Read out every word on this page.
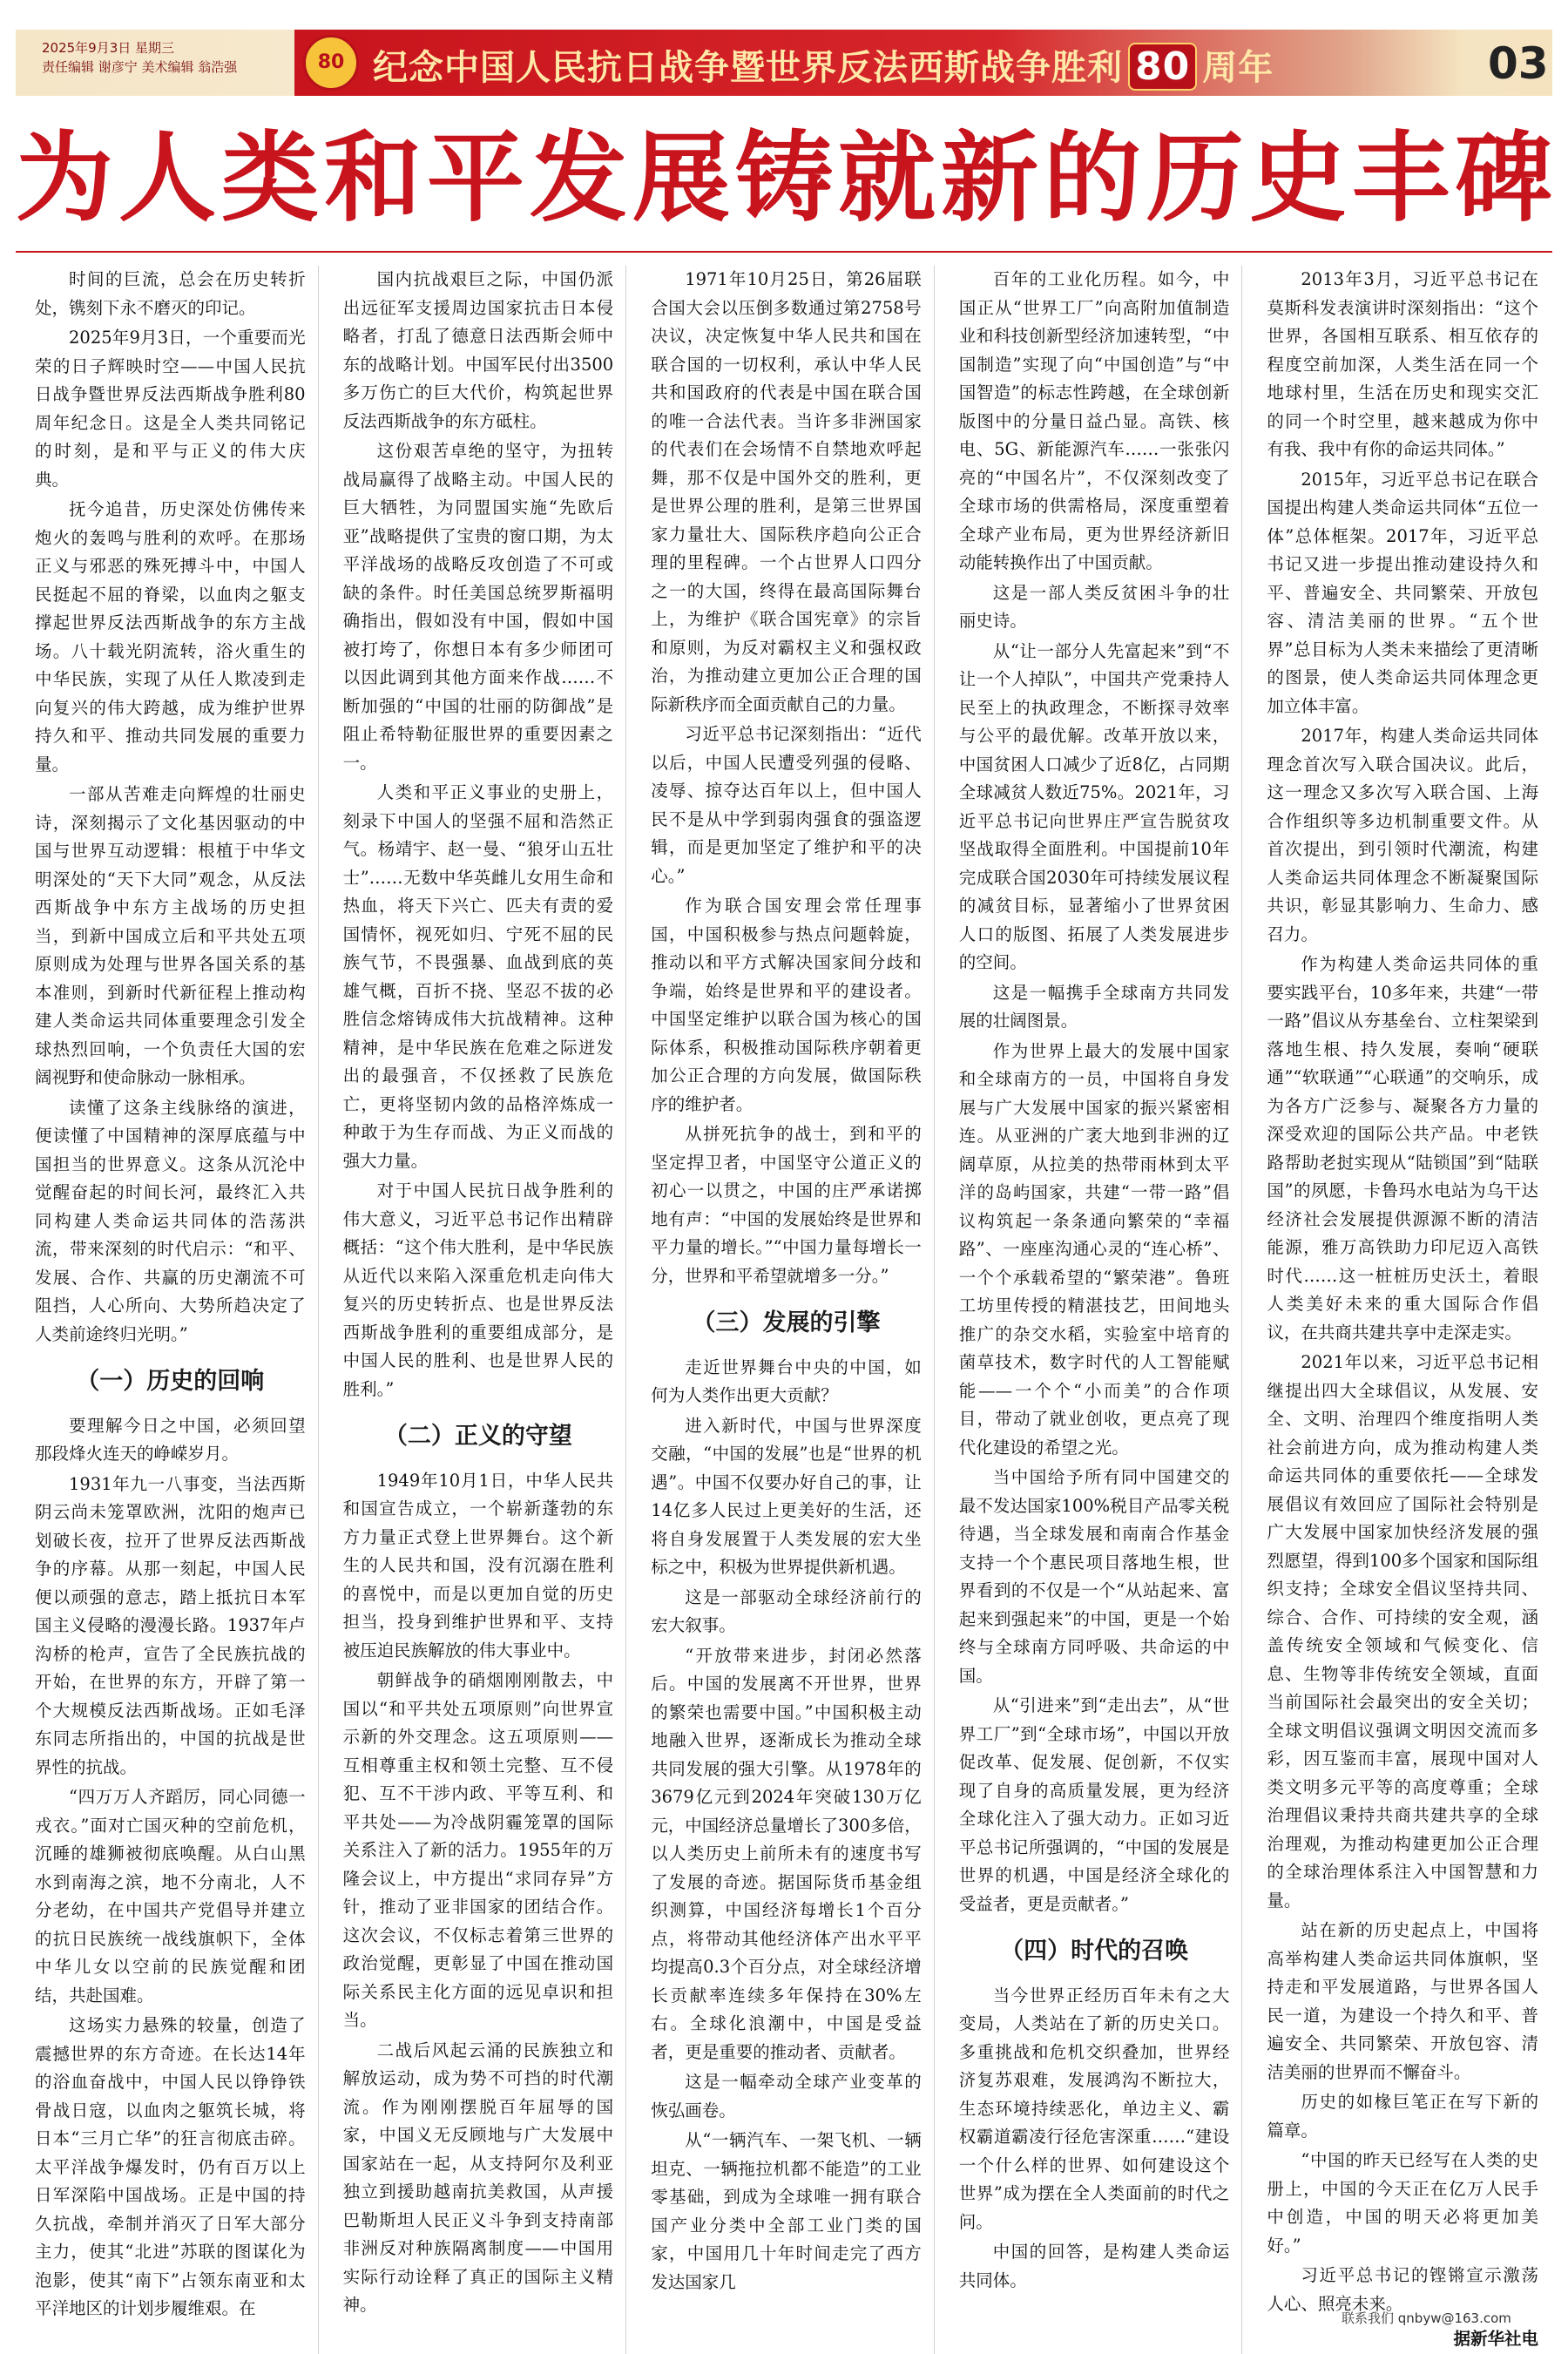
2025年9月3日 星期三
责任编辑 谢彦宁 美术编辑 翁浩强	80 纪念中国人民抗日战争暨世界反法西斯战争胜利 80 周年	03
为人类和平发展铸就新的历史丰碑

时间的巨流，总会在历史转折处，镌刻下永不磨灭的印记。

2025年9月3日，一个重要而光荣的日子辉映时空——中国人民抗日战争暨世界反法西斯战争胜利80周年纪念日。这是全人类共同铭记的时刻，是和平与正义的伟大庆典。

抚今追昔，历史深处仿佛传来炮火的轰鸣与胜利的欢呼。在那场正义与邪恶的殊死搏斗中，中国人民挺起不屈的脊梁，以血肉之躯支撑起世界反法西斯战争的东方主战场。八十载光阴流转，浴火重生的中华民族，实现了从任人欺凌到走向复兴的伟大跨越，成为维护世界持久和平、推动共同发展的重要力量。

一部从苦难走向辉煌的壮丽史诗，深刻揭示了文化基因驱动的中国与世界互动逻辑：根植于中华文明深处的“天下大同”观念，从反法西斯战争中东方主战场的历史担当，到新中国成立后和平共处五项原则成为处理与世界各国关系的基本准则，到新时代新征程上推动构建人类命运共同体重要理念引发全球热烈回响，一个负责任大国的宏阔视野和使命脉动一脉相承。

读懂了这条主线脉络的演进，便读懂了中国精神的深厚底蕴与中国担当的世界意义。这条从沉沦中觉醒奋起的时间长河，最终汇入共同构建人类命运共同体的浩荡洪流，带来深刻的时代启示：“和平、发展、合作、共赢的历史潮流不可阻挡，人心所向、大势所趋决定了人类前途终归光明。”

（一）历史的回响

要理解今日之中国，必须回望那段烽火连天的峥嵘岁月。

1931年九一八事变，当法西斯阴云尚未笼罩欧洲，沈阳的炮声已划破长夜，拉开了世界反法西斯战争的序幕。从那一刻起，中国人民便以顽强的意志，踏上抵抗日本军国主义侵略的漫漫长路。1937年卢沟桥的枪声，宣告了全民族抗战的开始，在世界的东方，开辟了第一个大规模反法西斯战场。正如毛泽东同志所指出的，中国的抗战是世界性的抗战。

“四万万人齐蹈厉，同心同德一戎衣。”面对亡国灭种的空前危机，沉睡的雄狮被彻底唤醒。从白山黑水到南海之滨，地不分南北，人不分老幼，在中国共产党倡导并建立的抗日民族统一战线旗帜下，全体中华儿女以空前的民族觉醒和团结，共赴国难。

这场实力悬殊的较量，创造了震撼世界的东方奇迹。在长达14年的浴血奋战中，中国人民以铮铮铁骨战日寇，以血肉之躯筑长城，将日本“三月亡华”的狂言彻底击碎。太平洋战争爆发时，仍有百万以上日军深陷中国战场。正是中国的持久抗战，牵制并消灭了日军大部分主力，使其“北进”苏联的图谋化为泡影，使其“南下”占领东南亚和太平洋地区的计划步履维艰。在

国内抗战艰巨之际，中国仍派出远征军支援周边国家抗击日本侵略者，打乱了德意日法西斯会师中东的战略计划。中国军民付出3500多万伤亡的巨大代价，构筑起世界反法西斯战争的东方砥柱。

这份艰苦卓绝的坚守，为扭转战局赢得了战略主动。中国人民的巨大牺牲，为同盟国实施“先欧后亚”战略提供了宝贵的窗口期，为太平洋战场的战略反攻创造了不可或缺的条件。时任美国总统罗斯福明确指出，假如没有中国，假如中国被打垮了，你想日本有多少师团可以因此调到其他方面来作战……不断加强的“中国的壮丽的防御战”是阻止希特勒征服世界的重要因素之一。

人类和平正义事业的史册上，刻录下中国人的坚强不屈和浩然正气。杨靖宇、赵一曼、“狼牙山五壮士”……无数中华英雌儿女用生命和热血，将天下兴亡、匹夫有责的爱国情怀，视死如归、宁死不屈的民族气节，不畏强暴、血战到底的英雄气概，百折不挠、坚忍不拔的必胜信念熔铸成伟大抗战精神。这种精神，是中华民族在危难之际迸发出的最强音，不仅拯救了民族危亡，更将坚韧内敛的品格淬炼成一种敢于为生存而战、为正义而战的强大力量。

对于中国人民抗日战争胜利的伟大意义，习近平总书记作出精辟概括：“这个伟大胜利，是中华民族从近代以来陷入深重危机走向伟大复兴的历史转折点、也是世界反法西斯战争胜利的重要组成部分，是中国人民的胜利、也是世界人民的胜利。”

（二）正义的守望

1949年10月1日，中华人民共和国宣告成立，一个崭新蓬勃的东方力量正式登上世界舞台。这个新生的人民共和国，没有沉溺在胜利的喜悦中，而是以更加自觉的历史担当，投身到维护世界和平、支持被压迫民族解放的伟大事业中。

朝鲜战争的硝烟刚刚散去，中国以“和平共处五项原则”向世界宣示新的外交理念。这五项原则——互相尊重主权和领土完整、互不侵犯、互不干涉内政、平等互利、和平共处——为冷战阴霾笼罩的国际关系注入了新的活力。1955年的万隆会议上，中方提出“求同存异”方针，推动了亚非国家的团结合作。这次会议，不仅标志着第三世界的政治觉醒，更彰显了中国在推动国际关系民主化方面的远见卓识和担当。

二战后风起云涌的民族独立和解放运动，成为势不可挡的时代潮流。作为刚刚摆脱百年屈辱的国家，中国义无反顾地与广大发展中国家站在一起，从支持阿尔及利亚独立到援助越南抗美救国，从声援巴勒斯坦人民正义斗争到支持南部非洲反对种族隔离制度——中国用实际行动诠释了真正的国际主义精神。

1971年10月25日，第26届联合国大会以压倒多数通过第2758号决议，决定恢复中华人民共和国在联合国的一切权利，承认中华人民共和国政府的代表是中国在联合国的唯一合法代表。当许多非洲国家的代表们在会场情不自禁地欢呼起舞，那不仅是中国外交的胜利，更是世界公理的胜利，是第三世界国家力量壮大、国际秩序趋向公正合理的里程碑。一个占世界人口四分之一的大国，终得在最高国际舞台上，为维护《联合国宪章》的宗旨和原则，为反对霸权主义和强权政治，为推动建立更加公正合理的国际新秩序而全面贡献自己的力量。

习近平总书记深刻指出：“近代以后，中国人民遭受列强的侵略、凌辱、掠夺达百年以上，但中国人民不是从中学到弱肉强食的强盗逻辑，而是更加坚定了维护和平的决心。”

作为联合国安理会常任理事国，中国积极参与热点问题斡旋，推动以和平方式解决国家间分歧和争端，始终是世界和平的建设者。中国坚定维护以联合国为核心的国际体系，积极推动国际秩序朝着更加公正合理的方向发展，做国际秩序的维护者。

从拼死抗争的战士，到和平的坚定捍卫者，中国坚守公道正义的初心一以贯之，中国的庄严承诺掷地有声：“中国的发展始终是世界和平力量的增长。”“中国力量每增长一分，世界和平希望就增多一分。”

（三）发展的引擎

走近世界舞台中央的中国，如何为人类作出更大贡献？

进入新时代，中国与世界深度交融，“中国的发展”也是“世界的机遇”。中国不仅要办好自己的事，让14亿多人民过上更美好的生活，还将自身发展置于人类发展的宏大坐标之中，积极为世界提供新机遇。

这是一部驱动全球经济前行的宏大叙事。

“开放带来进步，封闭必然落后。中国的发展离不开世界，世界的繁荣也需要中国。”中国积极主动地融入世界，逐渐成长为推动全球共同发展的强大引擎。从1978年的3679亿元到2024年突破130万亿元，中国经济总量增长了300多倍，以人类历史上前所未有的速度书写了发展的奇迹。据国际货币基金组织测算，中国经济每增长1个百分点，将带动其他经济体产出水平平均提高0.3个百分点，对全球经济增长贡献率连续多年保持在30%左右。全球化浪潮中，中国是受益者，更是重要的推动者、贡献者。

这是一幅牵动全球产业变革的恢弘画卷。

从“一辆汽车、一架飞机、一辆坦克、一辆拖拉机都不能造”的工业零基础，到成为全球唯一拥有联合国产业分类中全部工业门类的国家，中国用几十年时间走完了西方发达国家几

百年的工业化历程。如今，中国正从“世界工厂”向高附加值制造业和科技创新型经济加速转型，“中国制造”实现了向“中国创造”与“中国智造”的标志性跨越，在全球创新版图中的分量日益凸显。高铁、核电、5G、新能源汽车……一张张闪亮的“中国名片”，不仅深刻改变了全球市场的供需格局，深度重塑着全球产业布局，更为世界经济新旧动能转换作出了中国贡献。

这是一部人类反贫困斗争的壮丽史诗。

从“让一部分人先富起来”到“不让一个人掉队”，中国共产党秉持人民至上的执政理念，不断探寻效率与公平的最优解。改革开放以来，中国贫困人口减少了近8亿，占同期全球减贫人数近75%。2021年，习近平总书记向世界庄严宣告脱贫攻坚战取得全面胜利。中国提前10年完成联合国2030年可持续发展议程的减贫目标，显著缩小了世界贫困人口的版图、拓展了人类发展进步的空间。

这是一幅携手全球南方共同发展的壮阔图景。

作为世界上最大的发展中国家和全球南方的一员，中国将自身发展与广大发展中国家的振兴紧密相连。从亚洲的广袤大地到非洲的辽阔草原，从拉美的热带雨林到太平洋的岛屿国家，共建“一带一路”倡议构筑起一条条通向繁荣的“幸福路”、一座座沟通心灵的“连心桥”、一个个承载希望的“繁荣港”。鲁班工坊里传授的精湛技艺，田间地头推广的杂交水稻，实验室中培育的菌草技术，数字时代的人工智能赋能——一个个“小而美”的合作项目，带动了就业创收，更点亮了现代化建设的希望之光。

当中国给予所有同中国建交的最不发达国家100%税目产品零关税待遇，当全球发展和南南合作基金支持一个个惠民项目落地生根，世界看到的不仅是一个“从站起来、富起来到强起来”的中国，更是一个始终与全球南方同呼吸、共命运的中国。

从“引进来”到“走出去”，从“世界工厂”到“全球市场”，中国以开放促改革、促发展、促创新，不仅实现了自身的高质量发展，更为经济全球化注入了强大动力。正如习近平总书记所强调的，“中国的发展是世界的机遇，中国是经济全球化的受益者，更是贡献者。”

（四）时代的召唤

当今世界正经历百年未有之大变局，人类站在了新的历史关口。多重挑战和危机交织叠加，世界经济复苏艰难，发展鸿沟不断拉大，生态环境持续恶化，单边主义、霸权霸道霸凌行径危害深重……“建设一个什么样的世界、如何建设这个世界”成为摆在全人类面前的时代之问。

中国的回答，是构建人类命运共同体。

2013年3月，习近平总书记在莫斯科发表演讲时深刻指出：“这个世界，各国相互联系、相互依存的程度空前加深，人类生活在同一个地球村里，生活在历史和现实交汇的同一个时空里，越来越成为你中有我、我中有你的命运共同体。”

2015年，习近平总书记在联合国提出构建人类命运共同体“五位一体”总体框架。2017年，习近平总书记又进一步提出推动建设持久和平、普遍安全、共同繁荣、开放包容、清洁美丽的世界。“五个世界”总目标为人类未来描绘了更清晰的图景，使人类命运共同体理念更加立体丰富。

2017年，构建人类命运共同体理念首次写入联合国决议。此后，这一理念又多次写入联合国、上海合作组织等多边机制重要文件。从首次提出，到引领时代潮流，构建人类命运共同体理念不断凝聚国际共识，彰显其影响力、生命力、感召力。

作为构建人类命运共同体的重要实践平台，10多年来，共建“一带一路”倡议从夯基垒台、立柱架梁到落地生根、持久发展，奏响“硬联通”“软联通”“心联通”的交响乐，成为各方广泛参与、凝聚各方力量的深受欢迎的国际公共产品。中老铁路帮助老挝实现从“陆锁国”到“陆联国”的夙愿，卡鲁玛水电站为乌干达经济社会发展提供源源不断的清洁能源，雅万高铁助力印尼迈入高铁时代……这一桩桩历史沃土，着眼人类美好未来的重大国际合作倡议，在共商共建共享中走深走实。

2021年以来，习近平总书记相继提出四大全球倡议，从发展、安全、文明、治理四个维度指明人类社会前进方向，成为推动构建人类命运共同体的重要依托——全球发展倡议有效回应了国际社会特别是广大发展中国家加快经济发展的强烈愿望，得到100多个国家和国际组织支持；全球安全倡议坚持共同、综合、合作、可持续的安全观，涵盖传统安全领域和气候变化、信息、生物等非传统安全领域，直面当前国际社会最突出的安全关切；全球文明倡议强调文明因交流而多彩，因互鉴而丰富，展现中国对人类文明多元平等的高度尊重；全球治理倡议秉持共商共建共享的全球治理观，为推动构建更加公正合理的全球治理体系注入中国智慧和力量。

站在新的历史起点上，中国将高举构建人类命运共同体旗帜，坚持走和平发展道路，与世界各国人民一道，为建设一个持久和平、普遍安全、共同繁荣、开放包容、清洁美丽的世界而不懈奋斗。

历史的如椽巨笔正在写下新的篇章。

“中国的昨天已经写在人类的史册上，中国的今天正在亿万人民手中创造，中国的明天必将更加美好。”

习近平总书记的铿锵宣示激荡人心、照亮未来。

据新华社电
联系我们 qnbyw@163.com
